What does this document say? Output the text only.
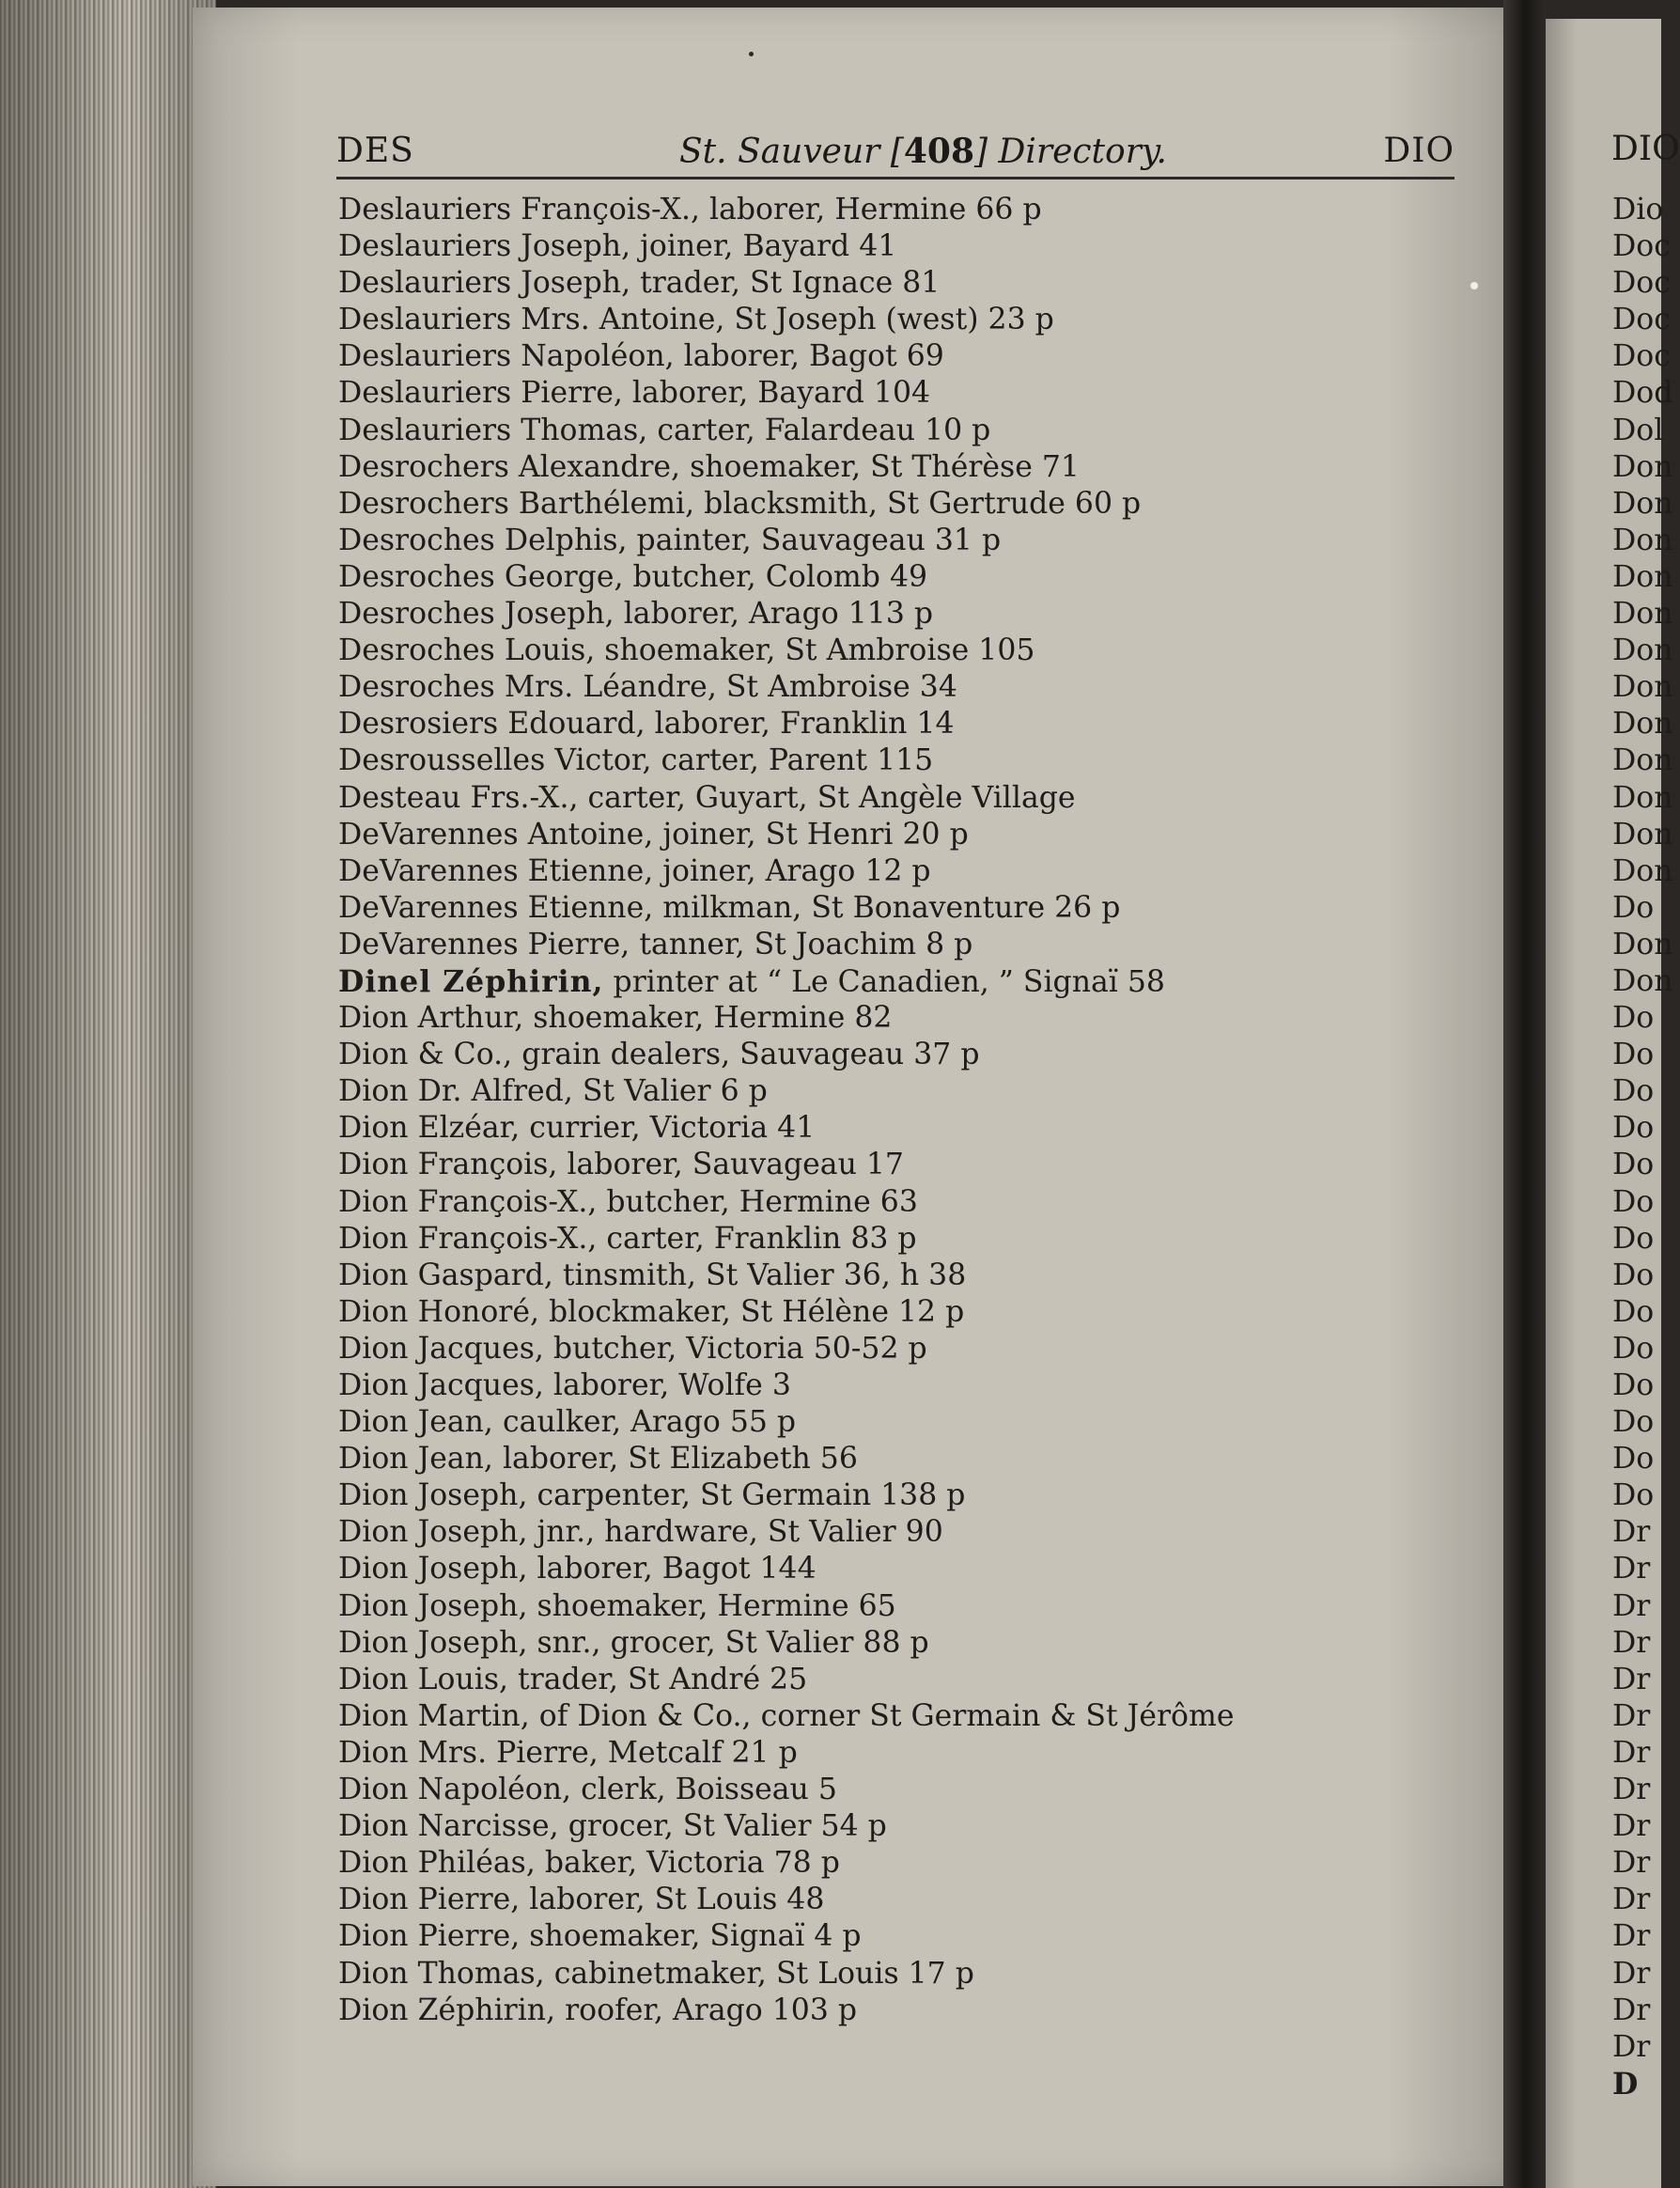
DES	St. Sauveur [408] Directory.	DIO
Deslauriers François-X., laborer, Hermine 66 p
Deslauriers Joseph, joiner, Bayard 41
Deslauriers Joseph, trader, St Ignace 81
Deslauriers Mrs. Antoine, St Joseph (west) 23 p
Deslauriers Napoléon, laborer, Bagot 69
Deslauriers Pierre, laborer, Bayard 104
Deslauriers Thomas, carter, Falardeau 10 p
Desrochers Alexandre, shoemaker, St Thérèse 71
Desrochers Barthélemi, blacksmith, St Gertrude 60 p
Desroches Delphis, painter, Sauvageau 31 p
Desroches George, butcher, Colomb 49
Desroches Joseph, laborer, Arago 113 p
Desroches Louis, shoemaker, St Ambroise 105
Desroches Mrs. Léandre, St Ambroise 34
Desrosiers Edouard, laborer, Franklin 14
Desrousselles Victor, carter, Parent 115
Desteau Frs.-X., carter, Guyart, St Angèle Village
DeVarennes Antoine, joiner, St Henri 20 p
DeVarennes Etienne, joiner, Arago 12 p
DeVarennes Etienne, milkman, St Bonaventure 26 p
DeVarennes Pierre, tanner, St Joachim 8 p
Dinel Zéphirin, printer at “ Le Canadien, ” Signaï 58
Dion Arthur, shoemaker, Hermine 82
Dion & Co., grain dealers, Sauvageau 37 p
Dion Dr. Alfred, St Valier 6 p
Dion Elzéar, currier, Victoria 41
Dion François, laborer, Sauvageau 17
Dion François-X., butcher, Hermine 63
Dion François-X., carter, Franklin 83 p
Dion Gaspard, tinsmith, St Valier 36, h 38
Dion Honoré, blockmaker, St Hélène 12 p
Dion Jacques, butcher, Victoria 50-52 p
Dion Jacques, laborer, Wolfe 3
Dion Jean, caulker, Arago 55 p
Dion Jean, laborer, St Elizabeth 56
Dion Joseph, carpenter, St Germain 138 p
Dion Joseph, jnr., hardware, St Valier 90
Dion Joseph, laborer, Bagot 144
Dion Joseph, shoemaker, Hermine 65
Dion Joseph, snr., grocer, St Valier 88 p
Dion Louis, trader, St André 25
Dion Martin, of Dion & Co., corner St Germain & St Jérôme
Dion Mrs. Pierre, Metcalf 21 p
Dion Napoléon, clerk, Boisseau 5
Dion Narcisse, grocer, St Valier 54 p
Dion Philéas, baker, Victoria 78 p
Dion Pierre, laborer, St Louis 48
Dion Pierre, shoemaker, Signaï 4 p
Dion Thomas, cabinetmaker, St Louis 17 p
Dion Zéphirin, roofer, Arago 103 p
DIO
Dio
Doc
Doc
Doc
Doc
Dod
Dol
Don
Don
Don
Don
Don
Don
Don
Don
Don
Don
Don
Don
Do
Don
Don
Do
Do
Do
Do
Do
Do
Do
Do
Do
Do
Do
Do
Do
Do
Dr
Dr
Dr
Dr
Dr
Dr
Dr
Dr
Dr
Dr
Dr
Dr
Dr
Dr
Dr
D
